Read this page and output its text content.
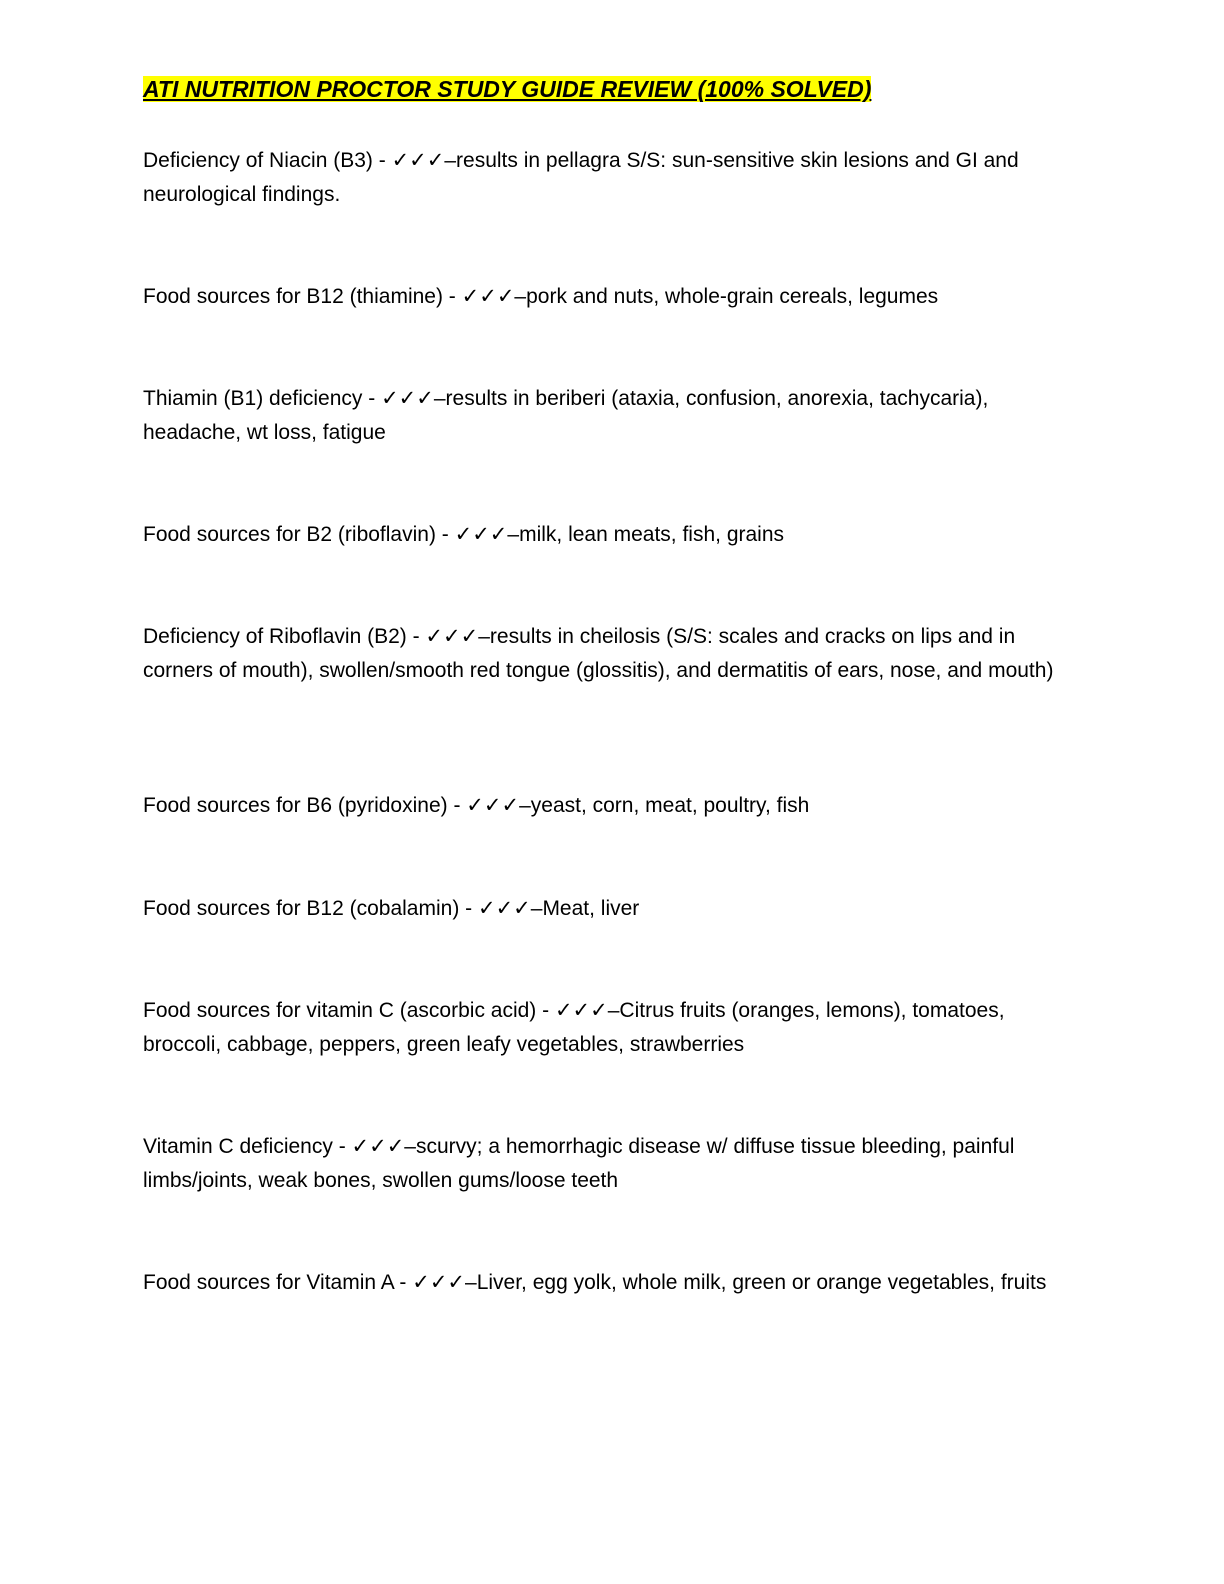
ATI NUTRITION PROCTOR STUDY GUIDE REVIEW (100% SOLVED)

Deficiency of Niacin (B3) - ✓✓✓–results in pellagra S/S: sun-sensitive skin lesions and GI and neurological findings.

Food sources for B12 (thiamine) - ✓✓✓–pork and nuts, whole-grain cereals, legumes

Thiamin (B1) deficiency - ✓✓✓–results in beriberi (ataxia, confusion, anorexia, tachycaria), headache, wt loss, fatigue

Food sources for B2 (riboflavin) - ✓✓✓–milk, lean meats, fish, grains

Deficiency of Riboflavin (B2) - ✓✓✓–results in cheilosis (S/S: scales and cracks on lips and in corners of mouth), swollen/smooth red tongue (glossitis), and dermatitis of ears, nose, and mouth)

Food sources for B6 (pyridoxine) - ✓✓✓–yeast, corn, meat, poultry, fish

Food sources for B12 (cobalamin) - ✓✓✓–Meat, liver

Food sources for vitamin C (ascorbic acid) - ✓✓✓–Citrus fruits (oranges, lemons), tomatoes, broccoli, cabbage, peppers, green leafy vegetables, strawberries

Vitamin C deficiency - ✓✓✓–scurvy; a hemorrhagic disease w/ diffuse tissue bleeding, painful limbs/joints, weak bones, swollen gums/loose teeth

Food sources for Vitamin A - ✓✓✓–Liver, egg yolk, whole milk, green or orange vegetables, fruits
